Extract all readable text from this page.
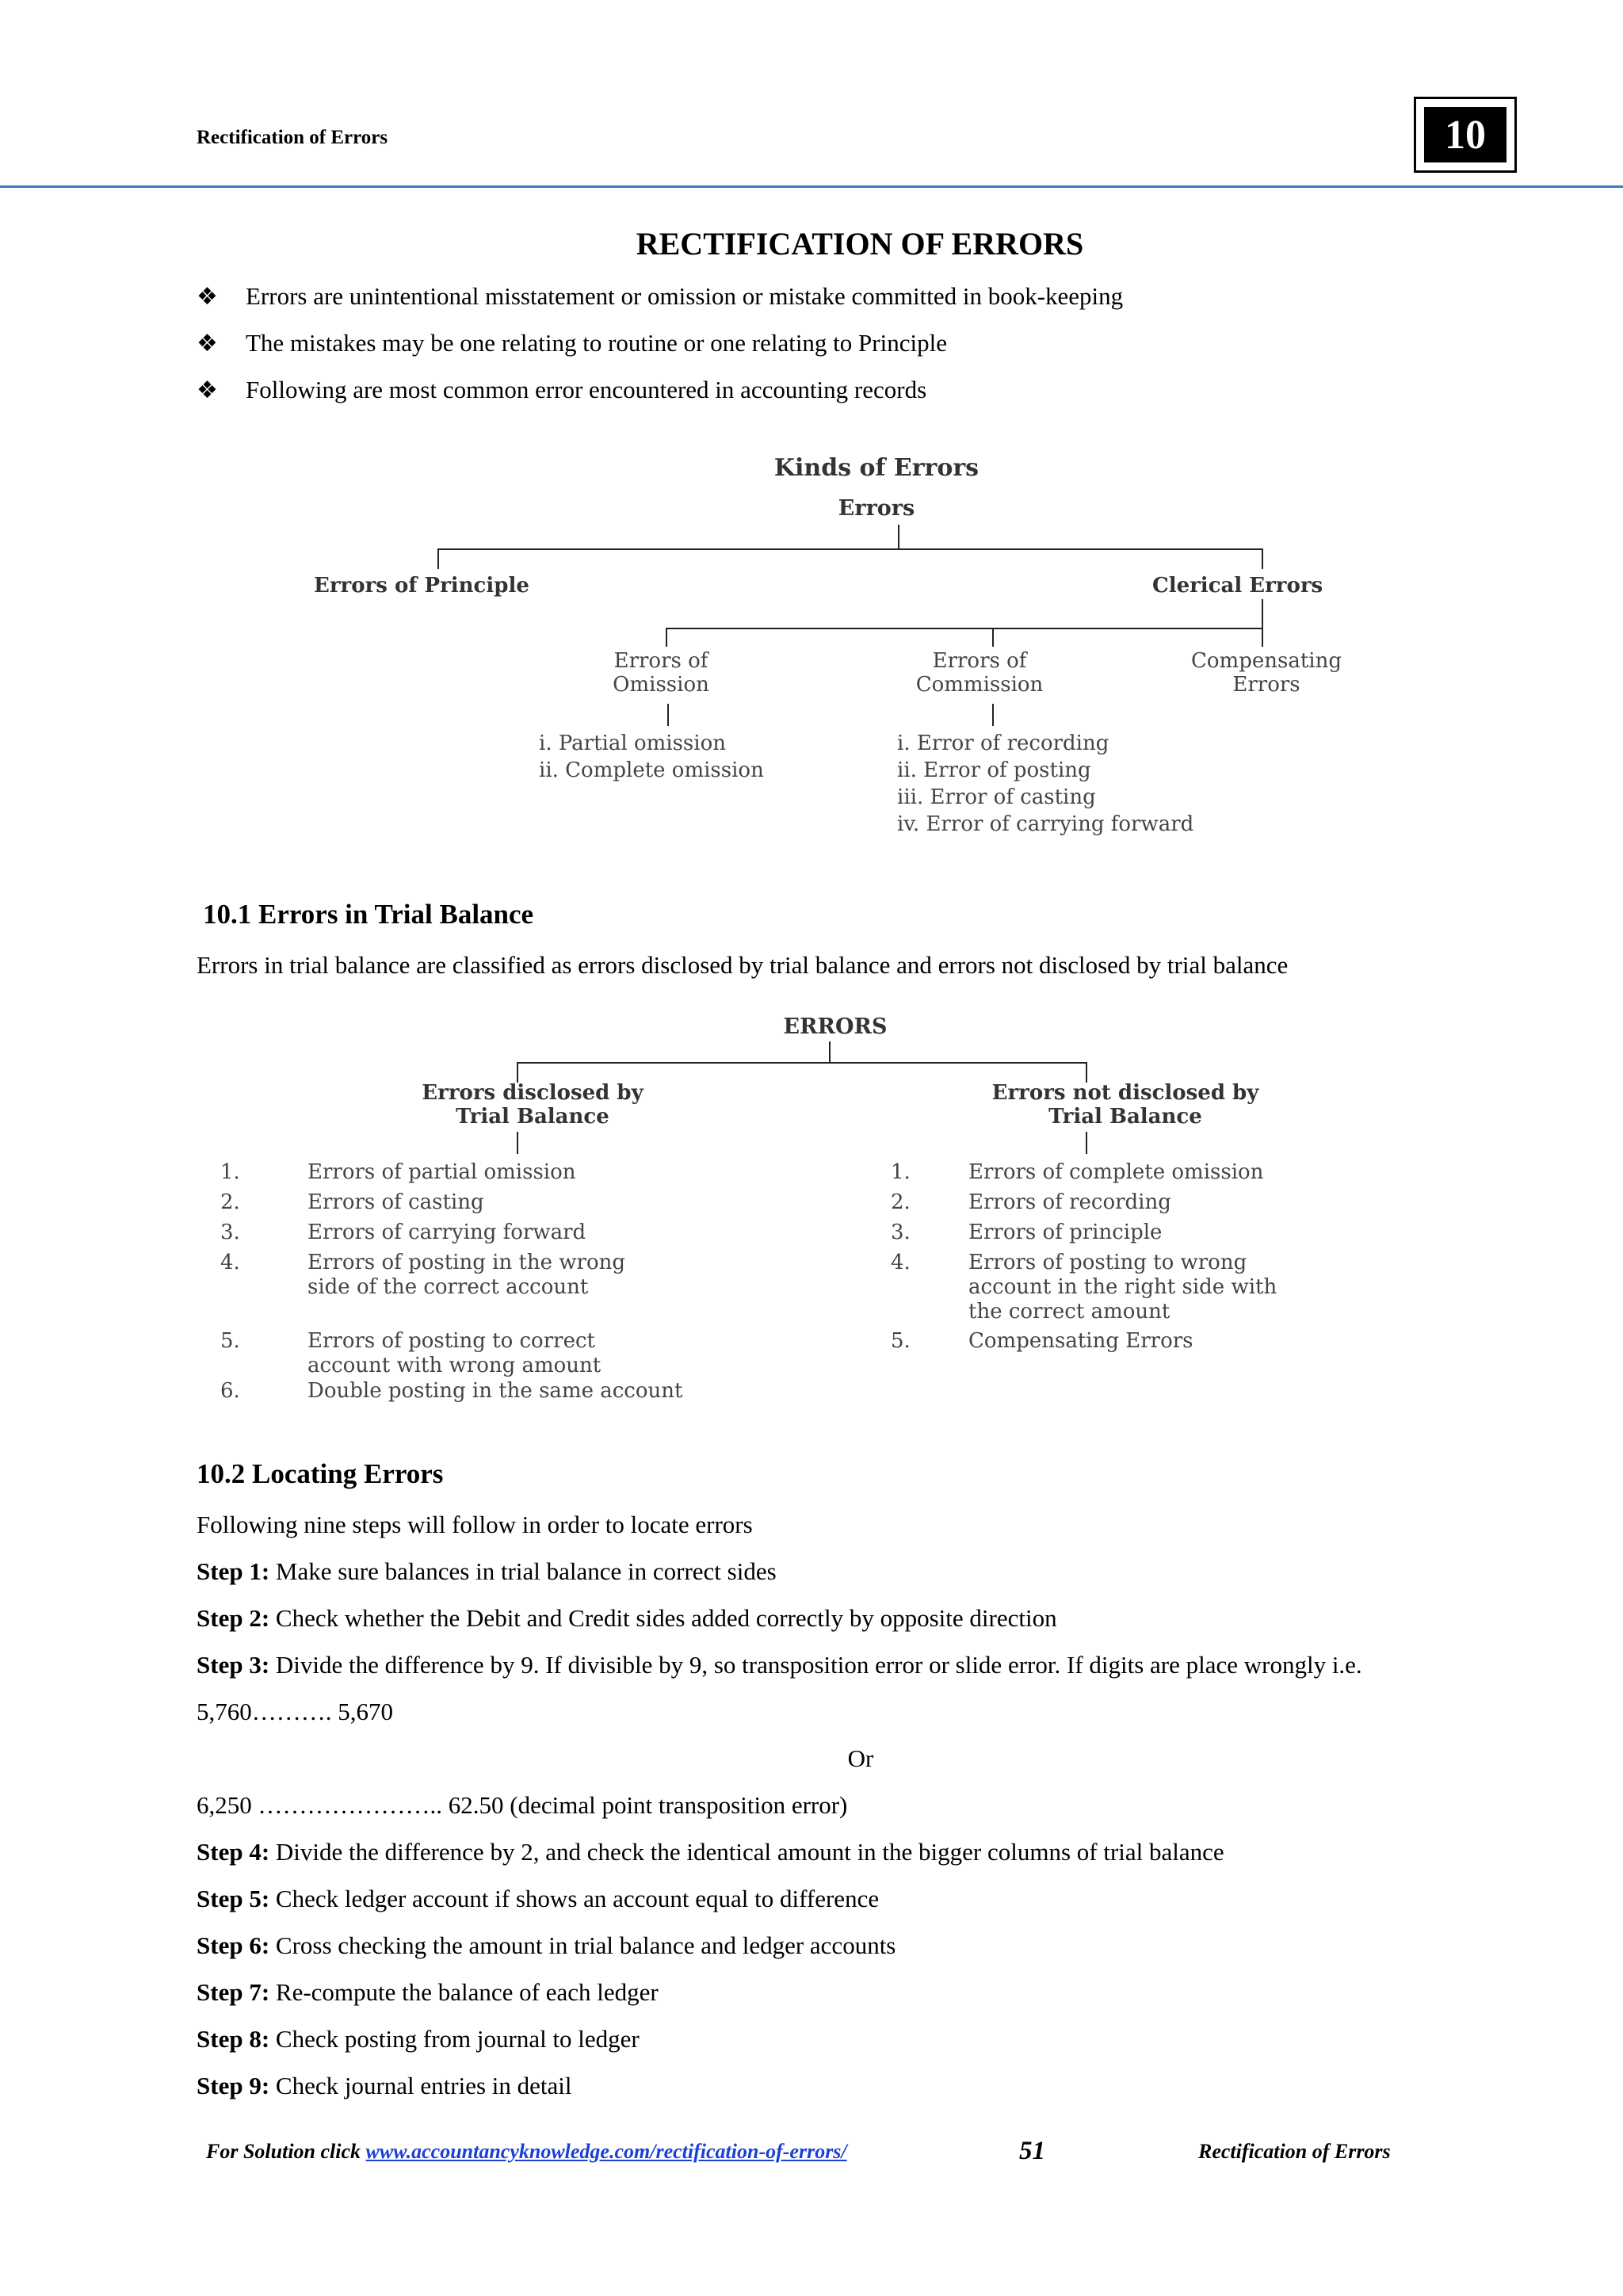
Rectification of Errors	10
RECTIFICATION OF ERRORS
❖ Errors are unintentional misstatement or omission or mistake committed in book-keeping
❖ The mistakes may be one relating to routine or one relating to Principle
❖ Following are most common error encountered in accounting records
Kinds of Errors
Errors
Errors of Principle	Clerical Errors
Errors of
Omission
Errors of
Commission
Compensating
Errors
i. Partial omission
ii. Complete omission
i. Error of recording
ii. Error of posting
iii. Error of casting
iv. Error of carrying forward
10.1 Errors in Trial Balance
Errors in trial balance are classified as errors disclosed by trial balance and errors not disclosed by trial balance
ERRORS
Errors disclosed by
Trial Balance
Errors not disclosed by
Trial Balance
1.	Errors of partial omission
2.	Errors of casting
3.	Errors of carrying forward
4.	Errors of posting in the wrong
side of the correct account
5.	Errors of posting to correct
account with wrong amount
6.	Double posting in the same account
1.	Errors of complete omission
2.	Errors of recording
3.	Errors of principle
4.	Errors of posting to wrong
account in the right side with
the correct amount
5.	Compensating Errors
10.2 Locating Errors
Following nine steps will follow in order to locate errors
Step 1: Make sure balances in trial balance in correct sides
Step 2: Check whether the Debit and Credit sides added correctly by opposite direction
Step 3: Divide the difference by 9. If divisible by 9, so transposition error or slide error. If digits are place wrongly i.e.
5,760………. 5,670
Or
6,250 ………………….. 62.50 (decimal point transposition error)
Step 4: Divide the difference by 2, and check the identical amount in the bigger columns of trial balance
Step 5: Check ledger account if shows an account equal to difference
Step 6: Cross checking the amount in trial balance and ledger accounts
Step 7: Re-compute the balance of each ledger
Step 8: Check posting from journal to ledger
Step 9: Check journal entries in detail
For Solution click www.accountancyknowledge.com/rectification-of-errors/	51	Rectification of Errors
